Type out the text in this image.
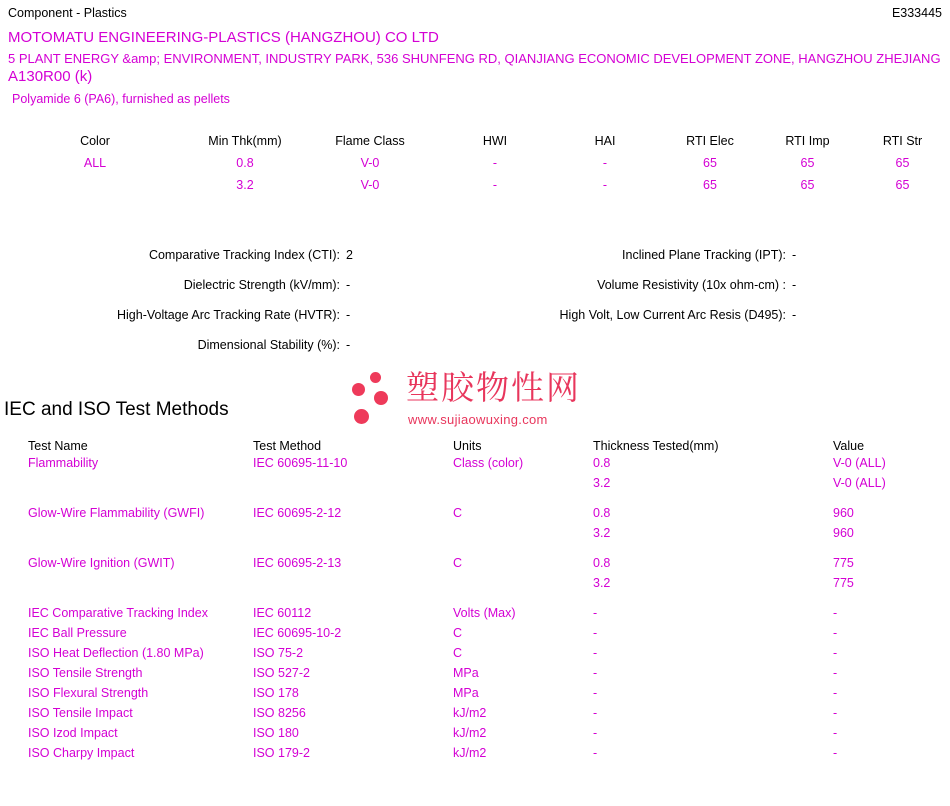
Component - Plastics	E333445
MOTOMATU ENGINEERING-PLASTICS (HANGZHOU) CO LTD
5 PLANT ENERGY &amp; ENVIRONMENT, INDUSTRY PARK, 536 SHUNFENG RD, QIANJIANG ECONOMIC DEVELOPMENT ZONE, HANGZHOU ZHEJIANG
A130R00 (k)
Polyamide 6 (PA6), furnished as pellets
Color	Min Thk(mm)	Flame Class	HWI	HAI	RTI Elec	RTI Imp	RTI Str
ALL	0.8	V-0	-	-	65	65	65
	3.2	V-0	-	-	65	65	65
Comparative Tracking Index (CTI):	2	Inclined Plane Tracking (IPT):	-
Dielectric Strength (kV/mm):	-	Volume Resistivity (10x ohm-cm) :	-
High-Voltage Arc Tracking Rate (HVTR):	-	High Volt, Low Current Arc Resis (D495):	-
Dimensional Stability (%):	-		
塑胶物性网
www.sujiaowuxing.com
IEC and ISO Test Methods
Test Name	Test Method	Units	Thickness Tested(mm)	Value
Flammability	IEC 60695-11-10	Class (color)	0.8	V-0 (ALL)
			3.2	V-0 (ALL)

Glow-Wire Flammability (GWFI)	IEC 60695-2-12	C	0.8	960
			3.2	960

Glow-Wire Ignition (GWIT)	IEC 60695-2-13	C	0.8	775
			3.2	775

IEC Comparative Tracking Index	IEC 60112	Volts (Max)	-	-
IEC Ball Pressure	IEC 60695-10-2	C	-	-
ISO Heat Deflection (1.80 MPa)	ISO 75-2	C	-	-
ISO Tensile Strength	ISO 527-2	MPa	-	-
ISO Flexural Strength	ISO 178	MPa	-	-
ISO Tensile Impact	ISO 8256	kJ/m2	-	-
ISO Izod Impact	ISO 180	kJ/m2	-	-
ISO Charpy Impact	ISO 179-2	kJ/m2	-	-
